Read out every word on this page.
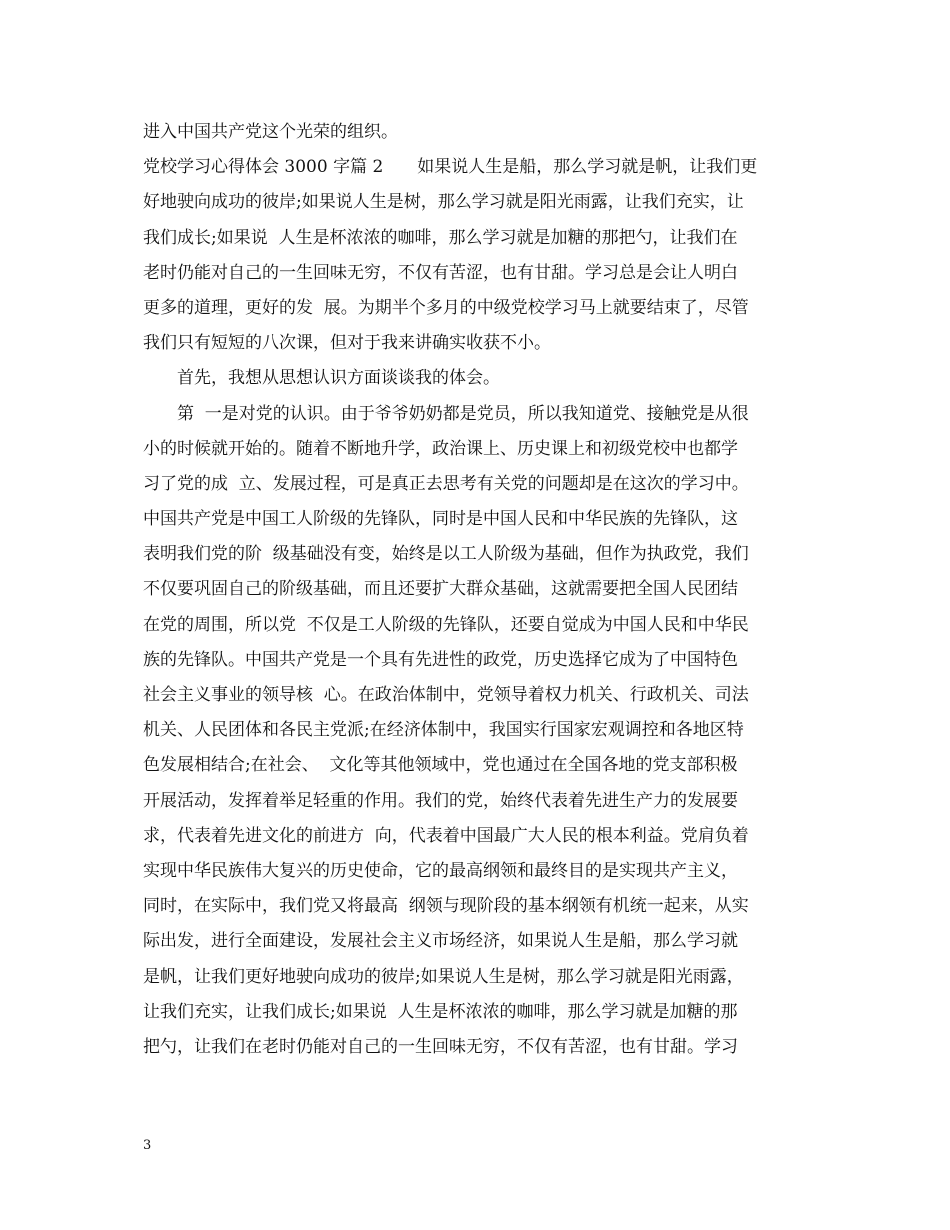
进入中国共产党这个光荣的组织。
党校学习心得体会 3000 字篇 2　　如果说人生是船，那么学习就是帆，让我们更
好地驶向成功的彼岸;如果说人生是树，那么学习就是阳光雨露，让我们充实，让
我们成长;如果说  人生是杯浓浓的咖啡，那么学习就是加糖的那把勺，让我们在
老时仍能对自己的一生回味无穷，不仅有苦涩，也有甘甜。学习总是会让人明白
更多的道理，更好的发  展。为期半个多月的中级党校学习马上就要结束了，尽管
我们只有短短的八次课，但对于我来讲确实收获不小。
　　首先，我想从思想认识方面谈谈我的体会。
　　第  一是对党的认识。由于爷爷奶奶都是党员，所以我知道党、接触党是从很
小的时候就开始的。随着不断地升学，政治课上、历史课上和初级党校中也都学
习了党的成  立、发展过程，可是真正去思考有关党的问题却是在这次的学习中。
中国共产党是中国工人阶级的先锋队，同时是中国人民和中华民族的先锋队，这
表明我们党的阶  级基础没有变，始终是以工人阶级为基础，但作为执政党，我们
不仅要巩固自己的阶级基础，而且还要扩大群众基础，这就需要把全国人民团结
在党的周围，所以党  不仅是工人阶级的先锋队，还要自觉成为中国人民和中华民
族的先锋队。中国共产党是一个具有先进性的政党，历史选择它成为了中国特色
社会主义事业的领导核  心。在政治体制中，党领导着权力机关、行政机关、司法
机关、人民团体和各民主党派;在经济体制中，我国实行国家宏观调控和各地区特
色发展相结合;在社会、  文化等其他领域中，党也通过在全国各地的党支部积极
开展活动，发挥着举足轻重的作用。我们的党，始终代表着先进生产力的发展要
求，代表着先进文化的前进方  向，代表着中国最广大人民的根本利益。党肩负着
实现中华民族伟大复兴的历史使命，它的最高纲领和最终目的是实现共产主义，
同时，在实际中，我们党又将最高  纲领与现阶段的基本纲领有机统一起来，从实
际出发，进行全面建设，发展社会主义市场经济，如果说人生是船，那么学习就
是帆，让我们更好地驶向成功的彼岸;如果说人生是树，那么学习就是阳光雨露，
让我们充实，让我们成长;如果说  人生是杯浓浓的咖啡，那么学习就是加糖的那
把勺，让我们在老时仍能对自己的一生回味无穷，不仅有苦涩，也有甘甜。学习
3
